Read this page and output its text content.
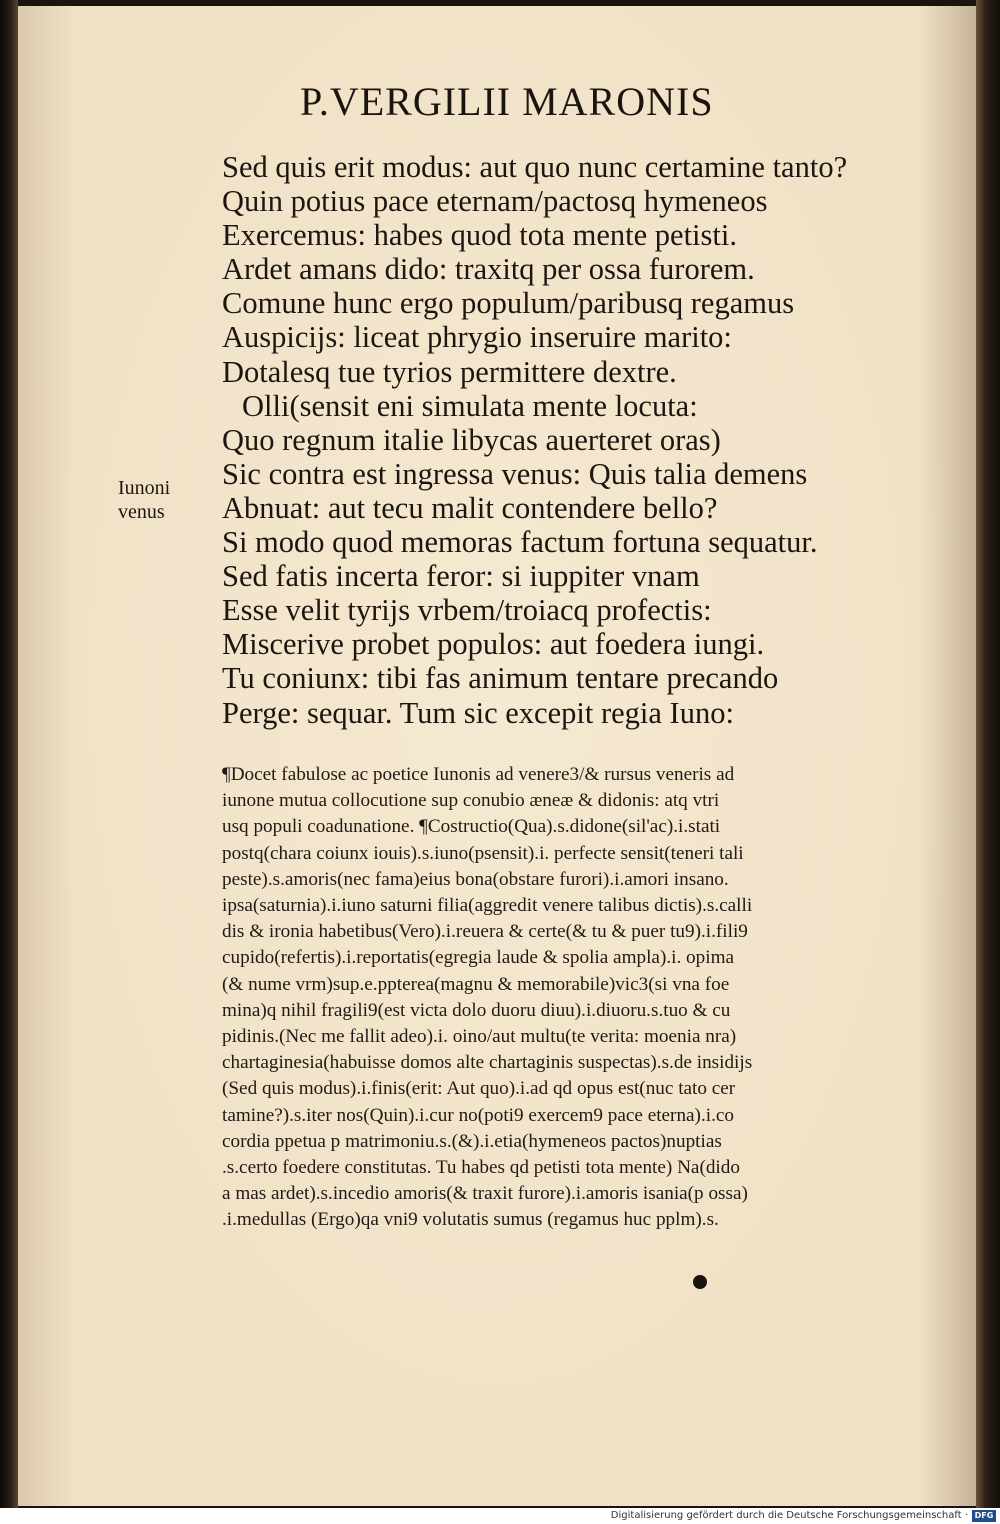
P.VERGILII MARONIS
Sed quis erit modus: aut quo nunc certamine tanto?
Quin potius pace eternam/pactosq hymeneos
Exercemus: habes quod tota mente petisti.
Ardet amans dido: traxitq per ossa furorem.
Comune hunc ergo populum/paribusq regamus
Auspicijs: liceat phrygio inseruire marito:
Dotalesq tue tyrios permittere dextre.
Olli(sensit eni simulata mente locuta:
Quo regnum italie libycas auerteret oras)
Sic contra est ingressa venus: Quis talia demens
Abnuat: aut tecu malit contendere bello?
Si modo quod memoras factum fortuna sequatur.
Sed fatis incerta feror: si iuppiter vnam
Esse velit tyrijs vrbem/troiacq profectis:
Miscerive probet populos: aut foedera iungi.
Tu coniunx: tibi fas animum tentare precando
Perge: sequar. Tum sic excepit regia Iuno:
Iunoni
venus
¶Docet fabulose ac poetice Iunonis ad venere3/& rursus veneris ad
iunone mutua collocutione sup conubio æneæ & didonis: atq vtri
usq populi coadunatione. ¶Costructio(Qua).s.didone(sil'ac).i.stati
postq(chara coiunx iouis).s.iuno(psensit).i. perfecte sensit(teneri tali
peste).s.amoris(nec fama)eius bona(obstare furori).i.amori insano.
ipsa(saturnia).i.iuno saturni filia(aggredit venere talibus dictis).s.calli
dis & ironia habetibus(Vero).i.reuera & certe(& tu & puer tu9).i.fili9
cupido(refertis).i.reportatis(egregia laude & spolia ampla).i. opima
(& nume vrm)sup.e.ppterea(magnu & memorabile)vic3(si vna foe
mina)q nihil fragili9(est victa dolo duoru diuu).i.diuoru.s.tuo & cu
pidinis.(Nec me fallit adeo).i. oino/aut multu(te verita: moenia nra)
chartaginesia(habuisse domos alte chartaginis suspectas).s.de insidijs
(Sed quis modus).i.finis(erit: Aut quo).i.ad qd opus est(nuc tato cer
tamine?).s.iter nos(Quin).i.cur no(poti9 exercem9 pace eterna).i.co
cordia ppetua p matrimoniu.s.(&).i.etia(hymeneos pactos)nuptias
.s.certo foedere constitutas. Tu habes qd petisti tota mente) Na(dido
a mas ardet).s.incedio amoris(& traxit furore).i.amoris isania(p ossa)
.i.medullas (Ergo)qa vni9 volutatis sumus (regamus huc pplm).s.
Digitalisierung gefördert durch die Deutsche Forschungsgemeinschaft · DFG
